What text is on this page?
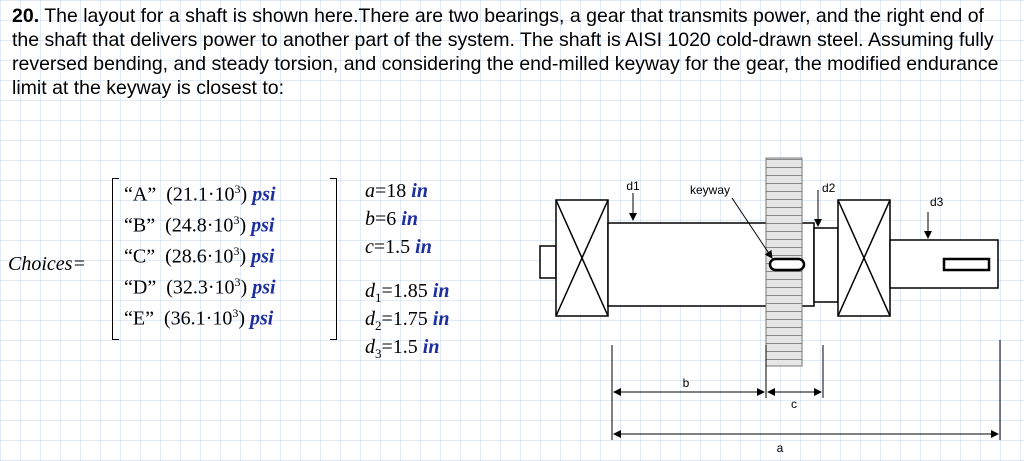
20. The layout for a shaft is shown here.There are two bearings, a gear that transmits power, and the right end of the shaft that delivers power to another part of the system. The shaft is AISI 1020 cold-drawn steel. Assuming fully reversed bending, and steady torsion, and considering the end-milled keyway for the gear, the modified endurance limit at the keyway is closest to:

Choices=
“A”  $(21.1\cdot 10^3)$ psi
“B”  $(24.8\cdot 10^3)$ psi
“C”  $(28.6\cdot 10^3)$ psi
“D”  $(32.3\cdot 10^3)$ psi
“E”  $(36.1\cdot 10^3)$ psi
a=18 in
b=6 in
c=1.5 in
$d_1=1.85$ in
$d_2=1.75$ in
$d_3=1.5$ in
d1	keyway	d2
d3
b
c
a
